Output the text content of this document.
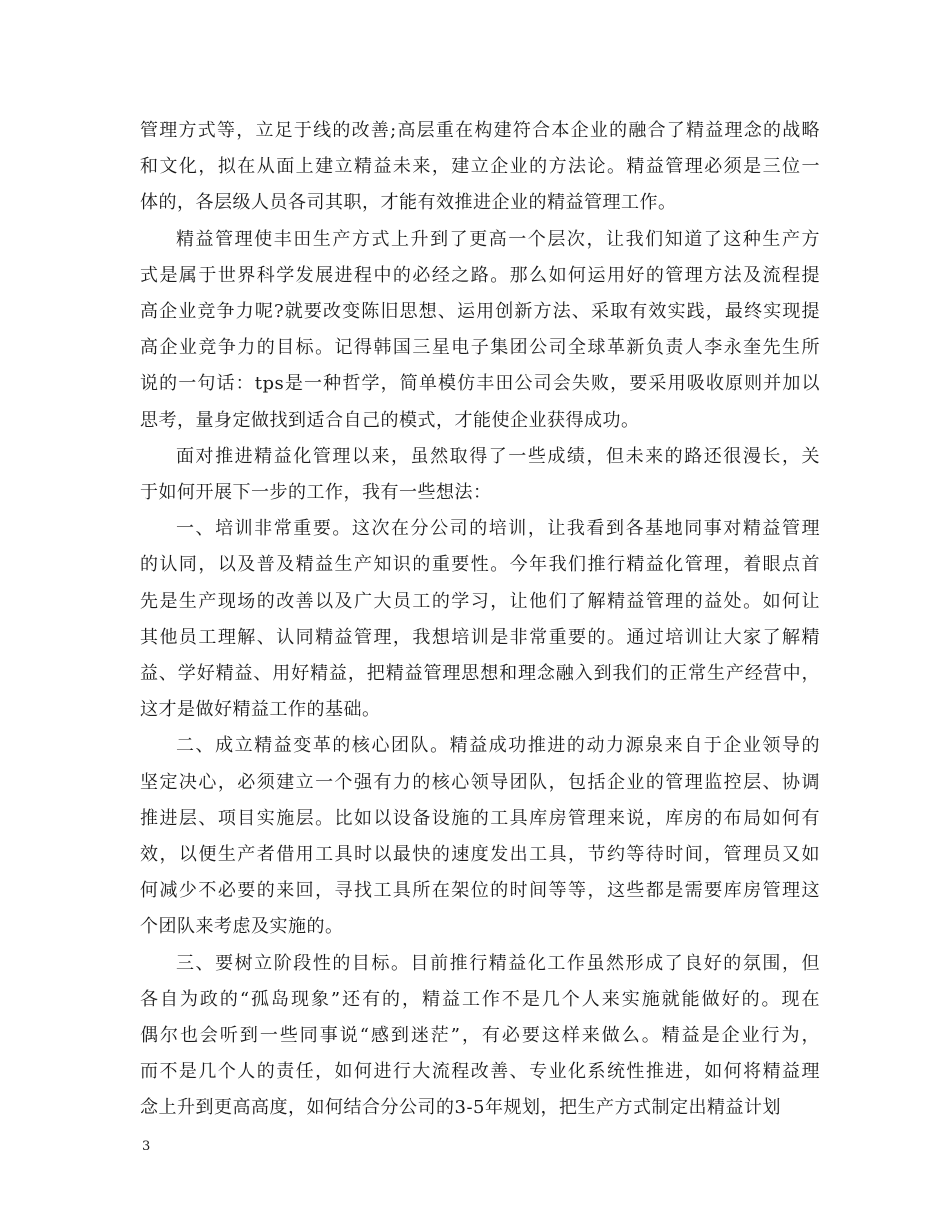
管理方式等，立足于线的改善;高层重在构建符合本企业的融合了精益理念的战略
和文化，拟在从面上建立精益未来，建立企业的方法论。精益管理必须是三位一
体的，各层级人员各司其职，才能有效推进企业的精益管理工作。

精益管理使丰田生产方式上升到了更高一个层次，让我们知道了这种生产方
式是属于世界科学发展进程中的必经之路。那么如何运用好的管理方法及流程提
高企业竞争力呢?就要改变陈旧思想、运用创新方法、采取有效实践，最终实现提
高企业竞争力的目标。记得韩国三星电子集团公司全球革新负责人李永奎先生所
说的一句话：tps是一种哲学，简单模仿丰田公司会失败，要采用吸收原则并加以
思考，量身定做找到适合自己的模式，才能使企业获得成功。

面对推进精益化管理以来，虽然取得了一些成绩，但未来的路还很漫长，关
于如何开展下一步的工作，我有一些想法：

一、培训非常重要。这次在分公司的培训，让我看到各基地同事对精益管理
的认同，以及普及精益生产知识的重要性。今年我们推行精益化管理，着眼点首
先是生产现场的改善以及广大员工的学习，让他们了解精益管理的益处。如何让
其他员工理解、认同精益管理，我想培训是非常重要的。通过培训让大家了解精
益、学好精益、用好精益，把精益管理思想和理念融入到我们的正常生产经营中，
这才是做好精益工作的基础。

二、成立精益变革的核心团队。精益成功推进的动力源泉来自于企业领导的
坚定决心，必须建立一个强有力的核心领导团队，包括企业的管理监控层、协调
推进层、项目实施层。比如以设备设施的工具库房管理来说，库房的布局如何有
效，以便生产者借用工具时以最快的速度发出工具，节约等待时间，管理员又如
何减少不必要的来回，寻找工具所在架位的时间等等，这些都是需要库房管理这
个团队来考虑及实施的。

三、要树立阶段性的目标。目前推行精益化工作虽然形成了良好的氛围，但
各自为政的“孤岛现象”还有的，精益工作不是几个人来实施就能做好的。现在
偶尔也会听到一些同事说“感到迷茫”，有必要这样来做么。精益是企业行为，
而不是几个人的责任，如何进行大流程改善、专业化系统性推进，如何将精益理
念上升到更高高度，如何结合分公司的3-5年规划，把生产方式制定出精益计划

3
